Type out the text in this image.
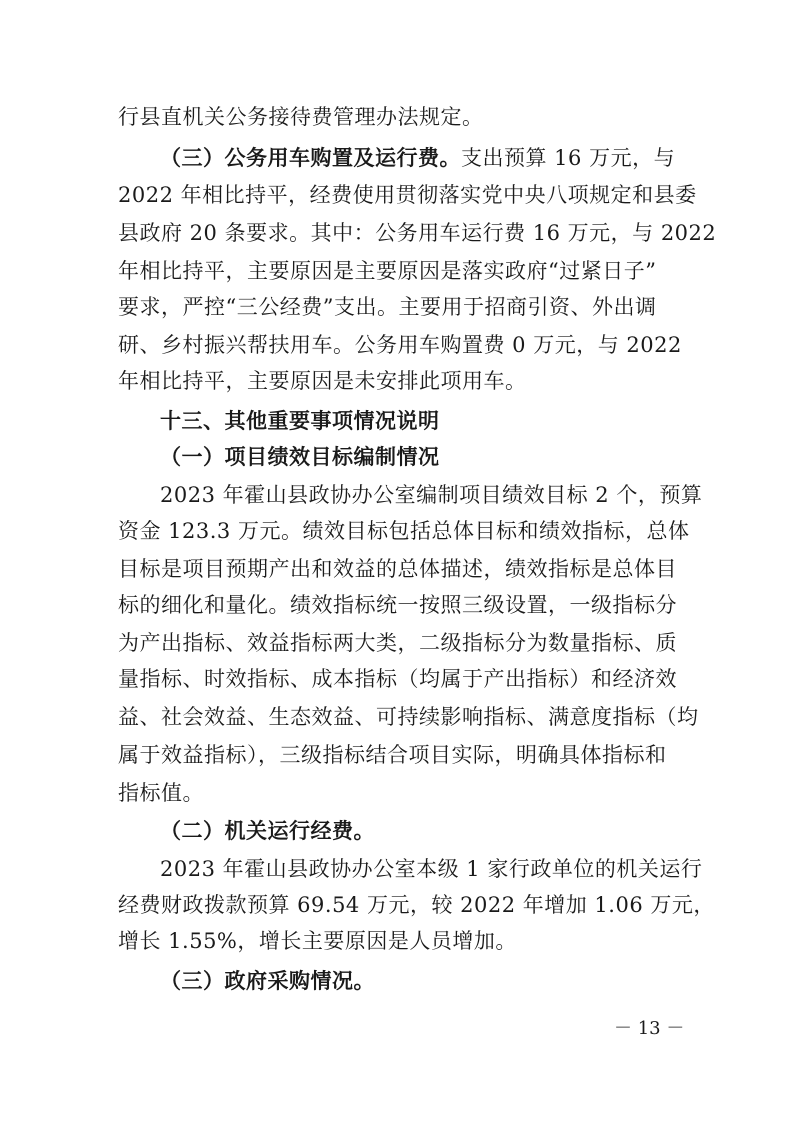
行县直机关公务接待费管理办法规定。
（三）公务用车购置及运行费。支出预算 16 万元，与
2022 年相比持平，经费使用贯彻落实党中央八项规定和县委
县政府 20 条要求。其中：公务用车运行费 16 万元，与 2022
年相比持平，主要原因是主要原因是落实政府“过紧日子”
要求，严控“三公经费”支出。主要用于招商引资、外出调
研、乡村振兴帮扶用车。公务用车购置费 0 万元，与 2022
年相比持平，主要原因是未安排此项用车。
十三、其他重要事项情况说明
（一）项目绩效目标编制情况
2023 年霍山县政协办公室编制项目绩效目标 2 个，预算
资金 123.3 万元。绩效目标包括总体目标和绩效指标，总体
目标是项目预期产出和效益的总体描述，绩效指标是总体目
标的细化和量化。绩效指标统一按照三级设置，一级指标分
为产出指标、效益指标两大类，二级指标分为数量指标、质
量指标、时效指标、成本指标（均属于产出指标）和经济效
益、社会效益、生态效益、可持续影响指标、满意度指标（均
属于效益指标），三级指标结合项目实际，明确具体指标和
指标值。
（二）机关运行经费。
2023 年霍山县政协办公室本级 1 家行政单位的机关运行
经费财政拨款预算 69.54 万元，较 2022 年增加 1.06 万元，
增长 1.55%，增长主要原因是人员增加。
（三）政府采购情况。
－ 13 －
